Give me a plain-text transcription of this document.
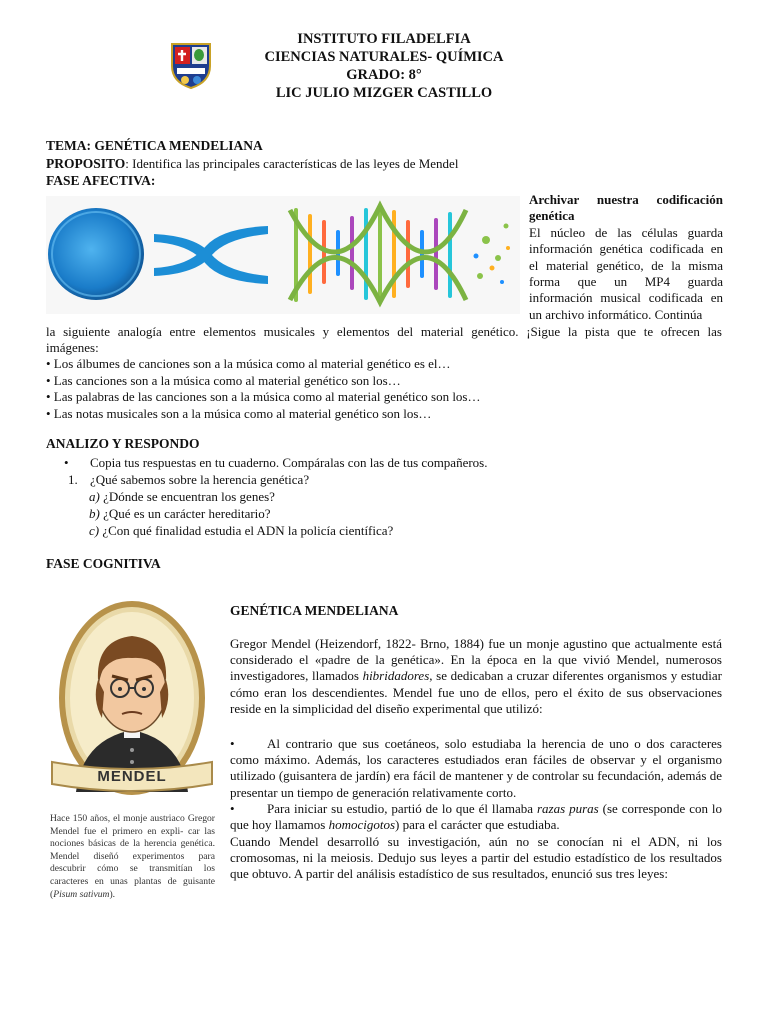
INSTITUTO FILADELFIA
CIENCIAS NATURALES- QUÍMICA
GRADO: 8°
LIC JULIO MIZGER CASTILLO
TEMA: GENÉTICA MENDELIANA
PROPOSITO: Identifica las principales características de las leyes de Mendel
FASE AFECTIVA:

Archivar nuestra codificación genética

El núcleo de las células guarda información genética codificada en el material genético, de la misma forma que un MP4 guarda información musical codificada en un archivo informático. Continúa

la siguiente analogía entre elementos musicales y elementos del material genético. ¡Sigue la pista que te ofrecen las
imágenes:
• Los álbumes de canciones son a la música como al material genético es el…
• Las canciones son a la música como al material genético son los…
• Las palabras de las canciones son a la música como al material genético son los…
• Las notas musicales son a la música como al material genético son los…
ANALIZO Y RESPONDO
• Copia tus respuestas en tu cuaderno. Compáralas con las de tus compañeros.
1. ¿Qué sabemos sobre la herencia genética?
a) ¿Dónde se encuentran los genes?
b) ¿Qué es un carácter hereditario?
c) ¿Con qué finalidad estudia el ADN la policía científica?
FASE COGNITIVA
MENDEL
Hace 150 años, el monje austriaco Gregor Mendel fue el primero en expli- car las nociones básicas de la herencia genética. Mendel diseñó experimentos para descubrir cómo se transmitían los caracteres en unas plantas de guisante (Pisum sativum).
GENÉTICA MENDELIANA
Gregor Mendel (Heizendorf, 1822- Brno, 1884) fue un monje agustino que actualmente está considerado el «padre de la genética». En la época en la que vivió Mendel, numerosos investigadores, llamados hibridadores, se dedicaban a cruzar diferentes organismos y estudiar cómo eran los descendientes. Mendel fue uno de ellos, pero el éxito de sus observaciones reside en la simplicidad del diseño experimental que utilizó:
• Al contrario que sus coetáneos, solo estudiaba la herencia de uno o dos caracteres como máximo. Además, los caracteres estudiados eran fáciles de observar y el organismo utilizado (guisantera de jardín) era fácil de mantener y de controlar su fecundación, además de presentar un tiempo de generación relativamente corto.
• Para iniciar su estudio, partió de lo que él llamaba razas puras (se corresponde con lo que hoy llamamos homocigotos) para el carácter que estudiaba.
Cuando Mendel desarrolló su investigación, aún no se conocían ni el ADN, ni los cromosomas, ni la meiosis. Dedujo sus leyes a partir del estudio estadístico de los resultados que obtuvo. A partir del análisis estadístico de sus resultados, enunció sus tres leyes:
